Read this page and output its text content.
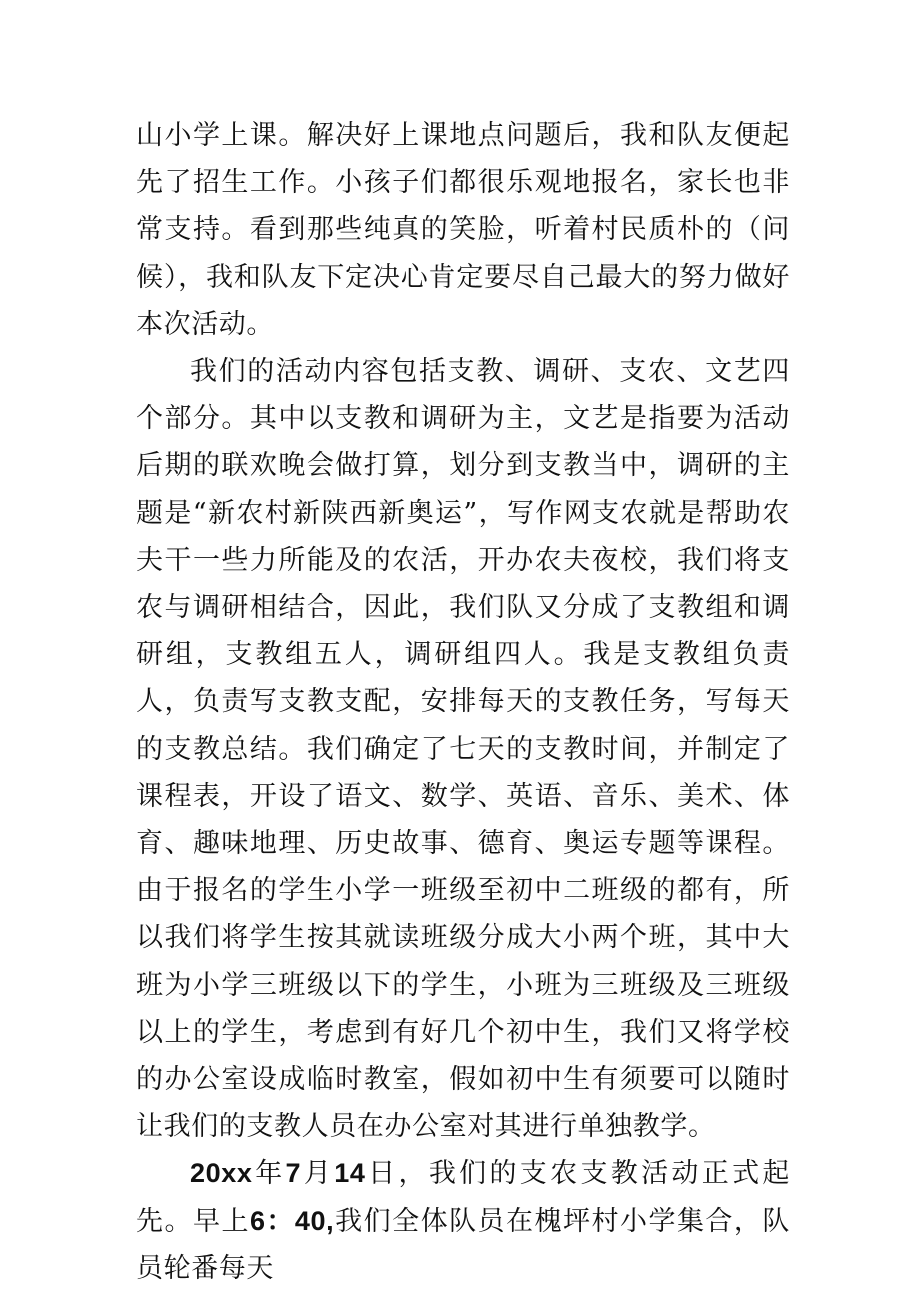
山小学上课。解决好上课地点问题后，我和队友便起先了招生工作。小孩子们都很乐观地报名，家长也非常支持。看到那些纯真的笑脸，听着村民质朴的（问候），我和队友下定决心肯定要尽自己最大的努力做好本次活动。

我们的活动内容包括支教、调研、支农、文艺四个部分。其中以支教和调研为主，文艺是指要为活动后期的联欢晚会做打算，划分到支教当中，调研的主题是“新农村新陕西新奥运”，写作网支农就是帮助农夫干一些力所能及的农活，开办农夫夜校，我们将支农与调研相结合，因此，我们队又分成了支教组和调研组，支教组五人，调研组四人。我是支教组负责人，负责写支教支配，安排每天的支教任务，写每天的支教总结。我们确定了七天的支教时间，并制定了课程表，开设了语文、数学、英语、音乐、美术、体育、趣味地理、历史故事、德育、奥运专题等课程。由于报名的学生小学一班级至初中二班级的都有，所以我们将学生按其就读班级分成大小两个班，其中大班为小学三班级以下的学生，小班为三班级及三班级以上的学生，考虑到有好几个初中生，我们又将学校的办公室设成临时教室，假如初中生有须要可以随时让我们的支教人员在办公室对其进行单独教学。

20xx年7月14日，我们的支农支教活动正式起先。早上6：40,我们全体队员在槐坪村小学集合，队员轮番每天
